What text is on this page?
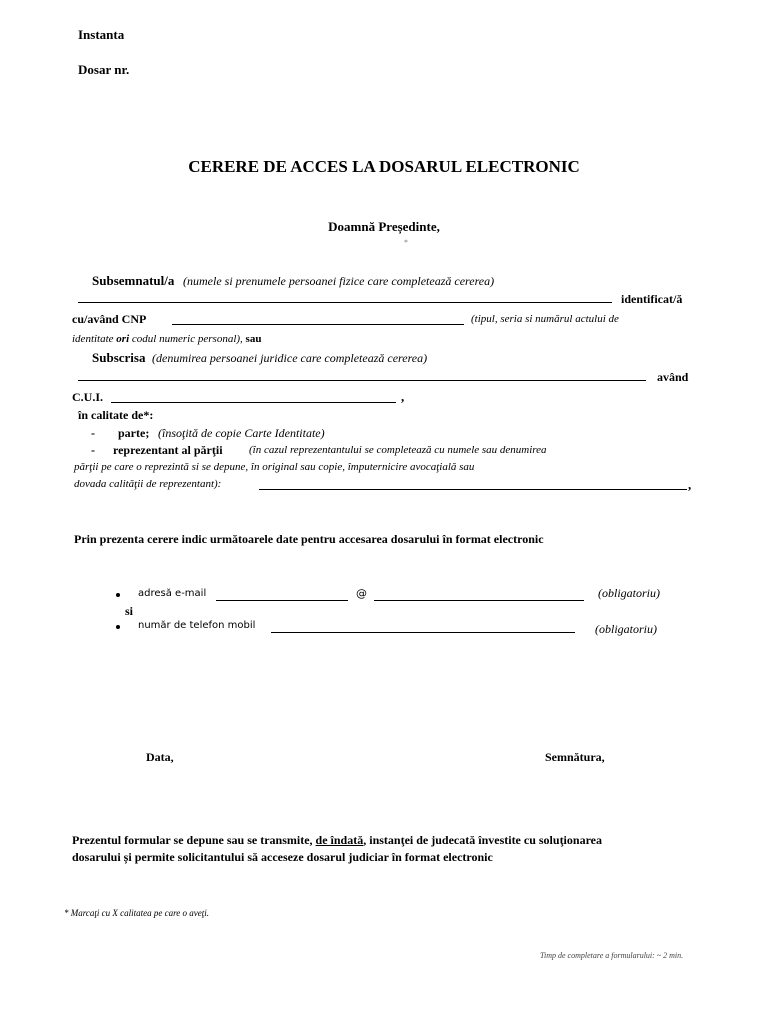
Instanta
Dosar nr.
CERERE DE ACCES LA DOSARUL ELECTRONIC
Doamnă Președinte,
*
Subsemnatul/a (numele si prenumele persoanei fizice care completează cererea)
identificat/ă
cu/având CNP	(tipul, seria si numărul actului de
identitate ori codul numeric personal), sau
Subscrisa (denumirea persoanei juridice care completează cererea)
având
C.U.I.	,
în calitate de*:
- parte; (însoţită de copie Carte Identitate)
- reprezentant al părţii (în cazul reprezentantului se completează cu numele sau denumirea
părţii pe care o reprezintă si se depune, în original sau copie, împuternicire avocaţială sau
dovada calităţii de reprezentant):	,
Prin prezenta cerere indic următoarele date pentru accesarea dosarului în format electronic
adresă e-mail	@	(obligatoriu)
si
număr de telefon mobil	(obligatoriu)
Data,	Semnătura,
Prezentul formular se depune sau se transmite, de îndată, instanţei de judecată învestite cu soluţionarea
dosarului și permite solicitantului să acceseze dosarul judiciar în format electronic
* Marcaţi cu X calitatea pe care o aveţi.
Timp de completare a formularului: ~ 2 min.
